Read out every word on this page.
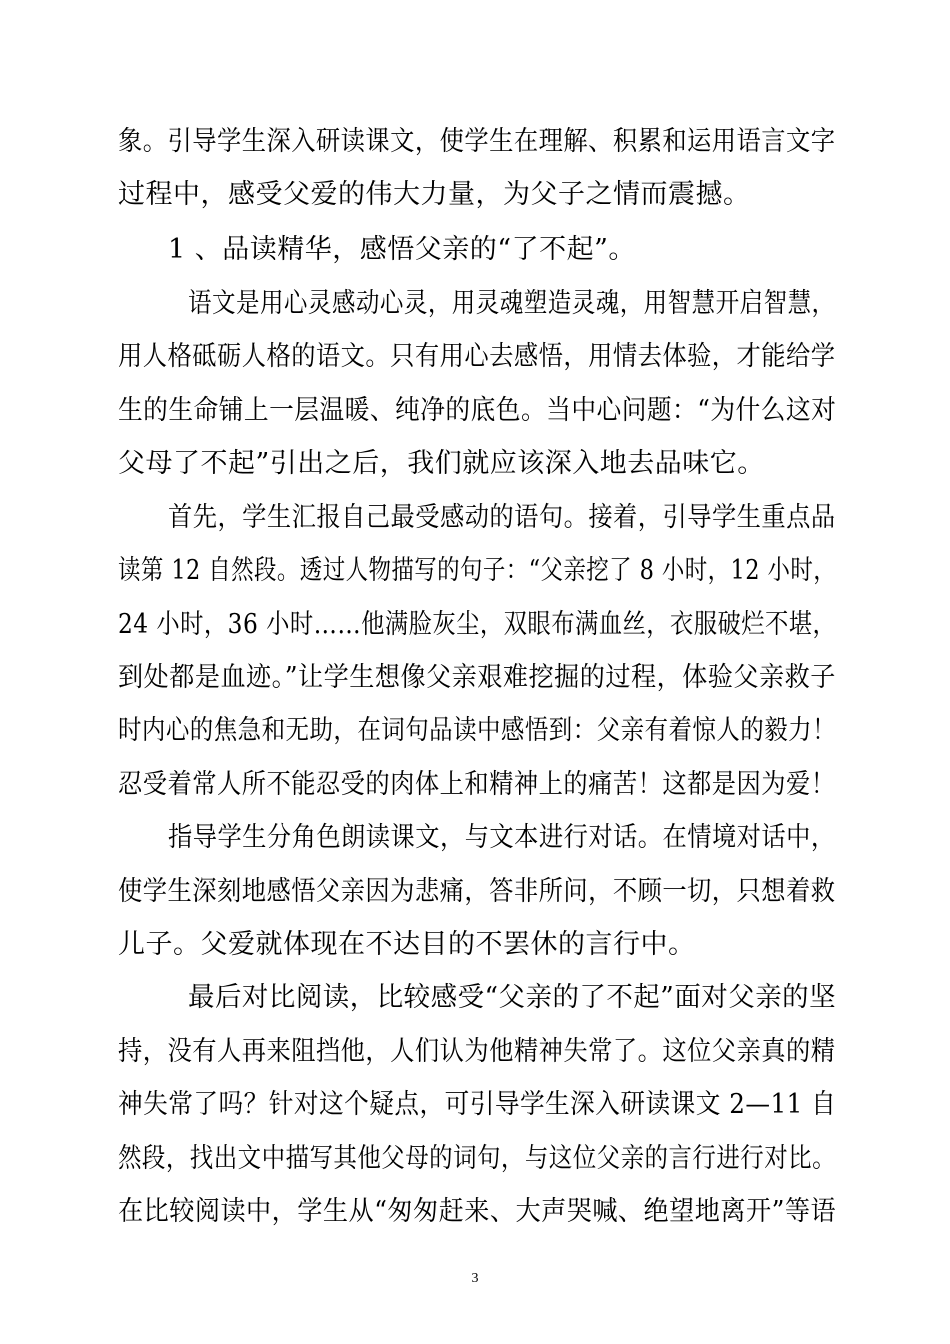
象。引导学生深入研读课文，使学生在理解、积累和运用语言文字
过程中，感受父爱的伟大力量，为父子之情而震撼。
1 、品读精华，感悟父亲的“了不起”。
语文是用心灵感动心灵，用灵魂塑造灵魂，用智慧开启智慧，
用人格砥砺人格的语文。只有用心去感悟，用情去体验，才能给学
生的生命铺上一层温暖、纯净的底色。当中心问题：“为什么这对
父母了不起”引出之后，我们就应该深入地去品味它。
首先，学生汇报自己最受感动的语句。接着，引导学生重点品
读第 12 自然段。透过人物描写的句子：“父亲挖了 8 小时，12 小时，
24 小时，36 小时……他满脸灰尘，双眼布满血丝，衣服破烂不堪，
到处都是血迹。”让学生想像父亲艰难挖掘的过程，体验父亲救子
时内心的焦急和无助，在词句品读中感悟到：父亲有着惊人的毅力！
忍受着常人所不能忍受的肉体上和精神上的痛苦！这都是因为爱！
指导学生分角色朗读课文，与文本进行对话。在情境对话中，
使学生深刻地感悟父亲因为悲痛，答非所问，不顾一切，只想着救
儿子。父爱就体现在不达目的不罢休的言行中。
最后对比阅读，比较感受“父亲的了不起”面对父亲的坚
持，没有人再来阻挡他，人们认为他精神失常了。这位父亲真的精
神失常了吗？针对这个疑点，可引导学生深入研读课文 2—11 自
然段，找出文中描写其他父母的词句，与这位父亲的言行进行对比。
在比较阅读中，学生从“匆匆赶来、大声哭喊、绝望地离开”等语
3
